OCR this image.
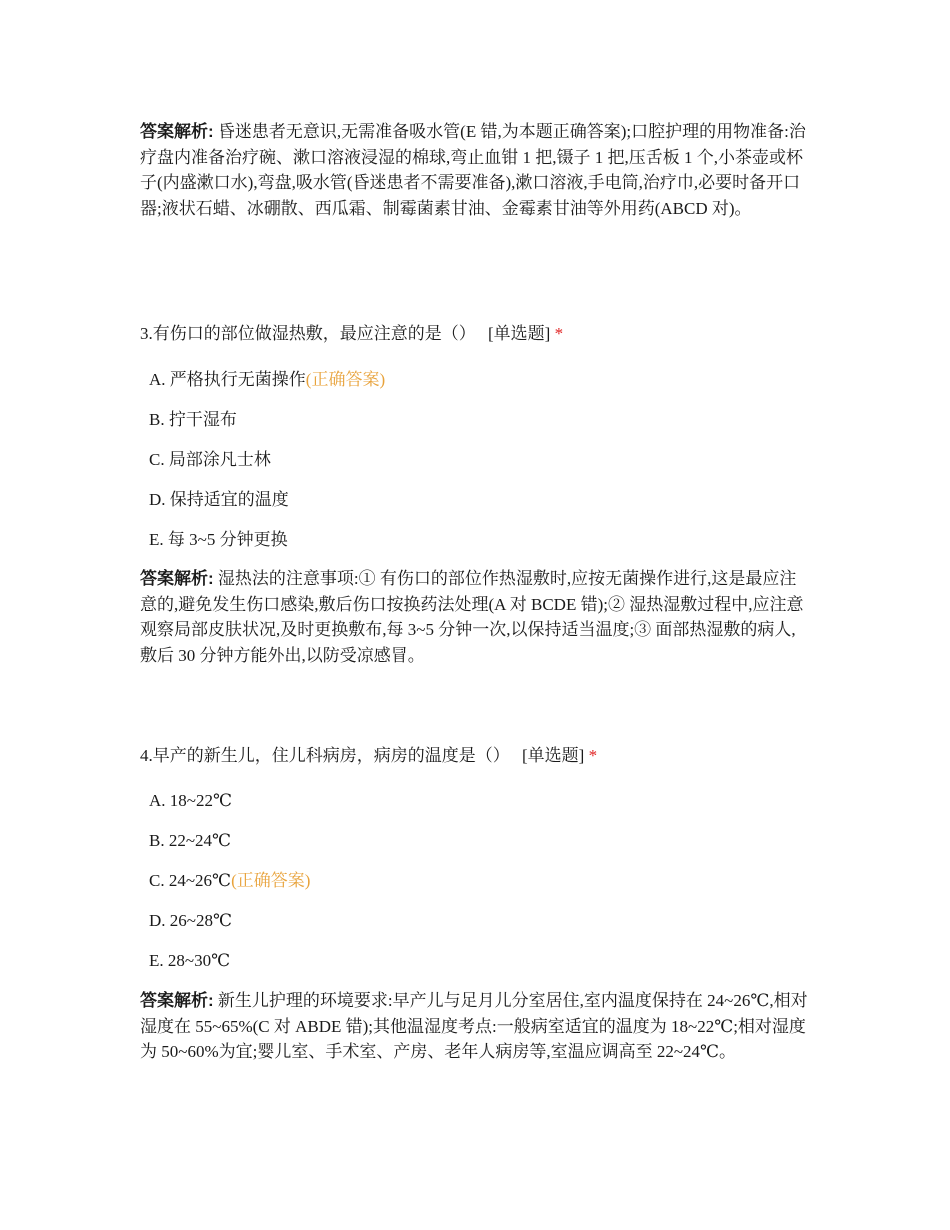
答案解析: 昏迷患者无意识,无需准备吸水管(E 错,为本题正确答案);口腔护理的用物准备:治疗盘内准备治疗碗、漱口溶液浸湿的棉球,弯止血钳 1 把,镊子 1 把,压舌板 1 个,小茶壶或杯子(内盛漱口水),弯盘,吸水管(昏迷患者不需要准备),漱口溶液,手电筒,治疗巾,必要时备开口器;液状石蜡、冰硼散、西瓜霜、制霉菌素甘油、金霉素甘油等外用药(ABCD 对)。

3.有伤口的部位做湿热敷，最应注意的是（） [单选题] *

A. 严格执行无菌操作(正确答案)

B. 拧干湿布

C. 局部涂凡士林

D. 保持适宜的温度

E. 每 3~5 分钟更换

答案解析: 湿热法的注意事项:① 有伤口的部位作热湿敷时,应按无菌操作进行,这是最应注意的,避免发生伤口感染,敷后伤口按换药法处理(A 对 BCDE 错);② 湿热湿敷过程中,应注意观察局部皮肤状况,及时更换敷布,每 3~5 分钟一次,以保持适当温度;③ 面部热湿敷的病人,敷后 30 分钟方能外出,以防受凉感冒。

4.早产的新生儿，住儿科病房，病房的温度是（） [单选题] *

A. 18~22℃

B. 22~24℃

C. 24~26℃(正确答案)

D. 26~28℃

E. 28~30℃

答案解析: 新生儿护理的环境要求:早产儿与足月儿分室居住,室内温度保持在 24~26℃,相对湿度在 55~65%(C 对 ABDE 错);其他温湿度考点:一般病室适宜的温度为 18~22℃;相对湿度为 50~60%为宜;婴儿室、手术室、产房、老年人病房等,室温应调高至 22~24℃。
